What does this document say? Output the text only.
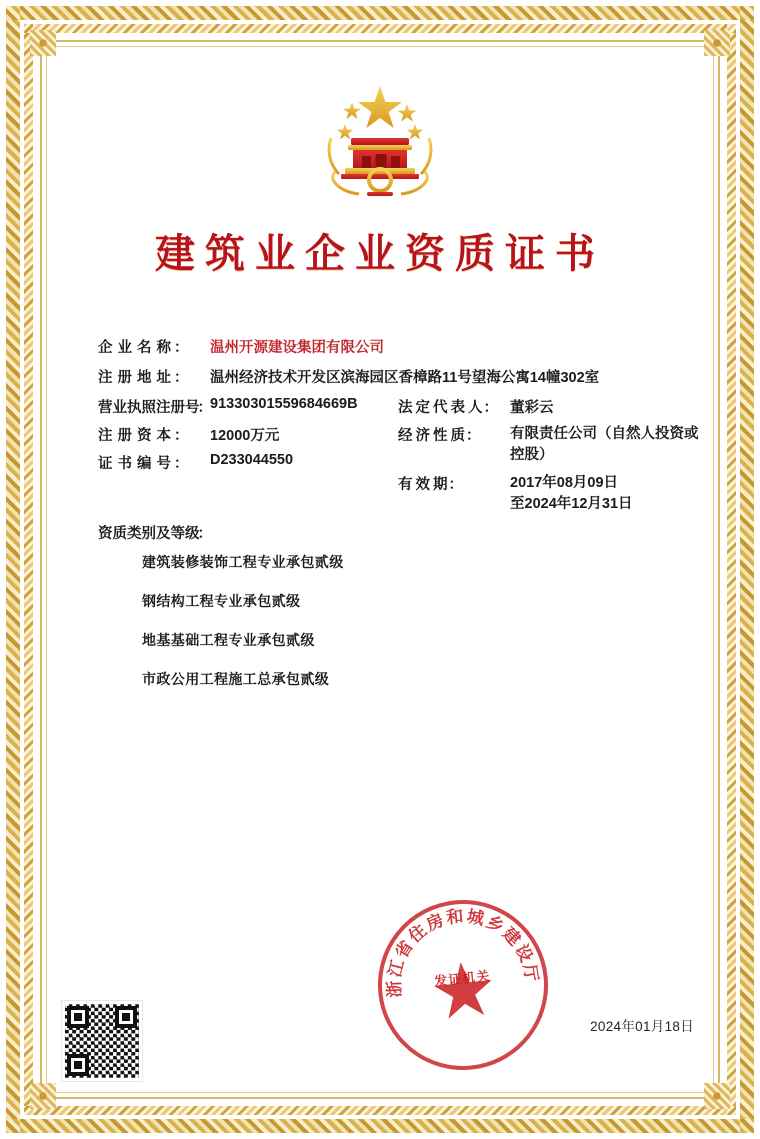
建筑业企业资质证书
企业名称：	温州开源建设集团有限公司
注册地址：	温州经济技术开发区滨海园区香樟路11号望海公寓14幢302室
营业执照注册号：
91330301559684669B
注册资本：	12000万元
证书编号：	D233044550
法定代表人： 董彩云
经济性质：	有限责任公司（自然人投资或控股）
有效期：	2017年08月09日
至2024年12月31日
资质类别及等级：
建筑装修装饰工程专业承包贰级
钢结构工程专业承包贰级
地基基础工程专业承包贰级
市政公用工程施工总承包贰级
浙江省住房和城乡建设厅
发证机关
2024年01月18日
